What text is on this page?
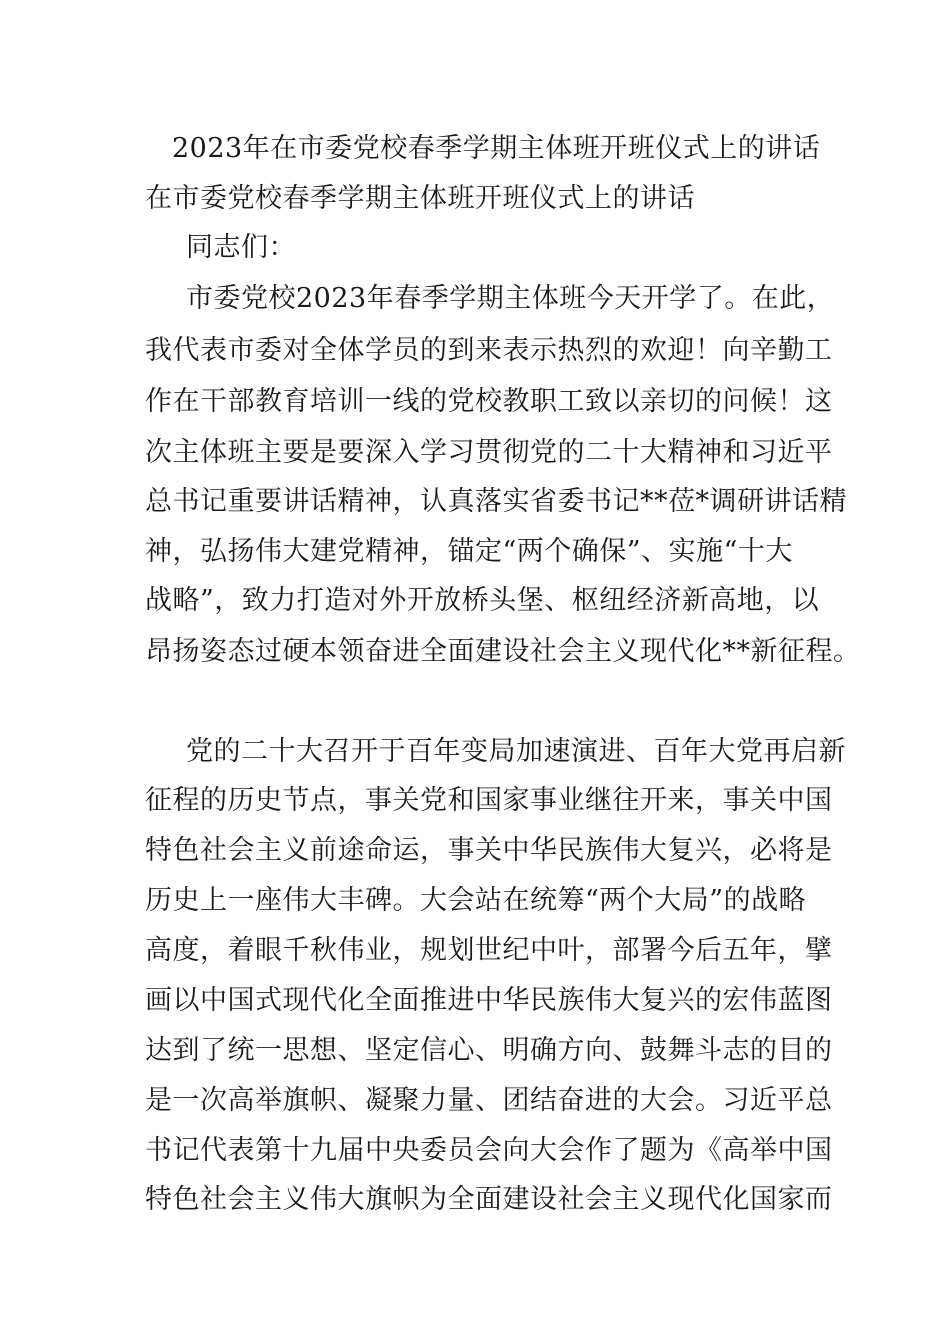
2023年在市委党校春季学期主体班开班仪式上的讲话
在市委党校春季学期主体班开班仪式上的讲话
同志们：
市委党校2023年春季学期主体班今天开学了。在此，
我代表市委对全体学员的到来表示热烈的欢迎！向辛勤工
作在干部教育培训一线的党校教职工致以亲切的问候！这
次主体班主要是要深入学习贯彻党的二十大精神和习近平
总书记重要讲话精神，认真落实省委书记**莅*调研讲话精
神，弘扬伟大建党精神，锚定“两个确保”、实施“十大
战略”，致力打造对外开放桥头堡、枢纽经济新高地，以
昂扬姿态过硬本领奋进全面建设社会主义现代化**新征程。
党的二十大召开于百年变局加速演进、百年大党再启新
征程的历史节点，事关党和国家事业继往开来，事关中国
特色社会主义前途命运，事关中华民族伟大复兴，必将是
历史上一座伟大丰碑。大会站在统筹“两个大局”的战略
高度，着眼千秋伟业，规划世纪中叶，部署今后五年，擘
画以中国式现代化全面推进中华民族伟大复兴的宏伟蓝图
达到了统一思想、坚定信心、明确方向、鼓舞斗志的目的
是一次高举旗帜、凝聚力量、团结奋进的大会。习近平总
书记代表第十九届中央委员会向大会作了题为《高举中国
特色社会主义伟大旗帜为全面建设社会主义现代化国家而
